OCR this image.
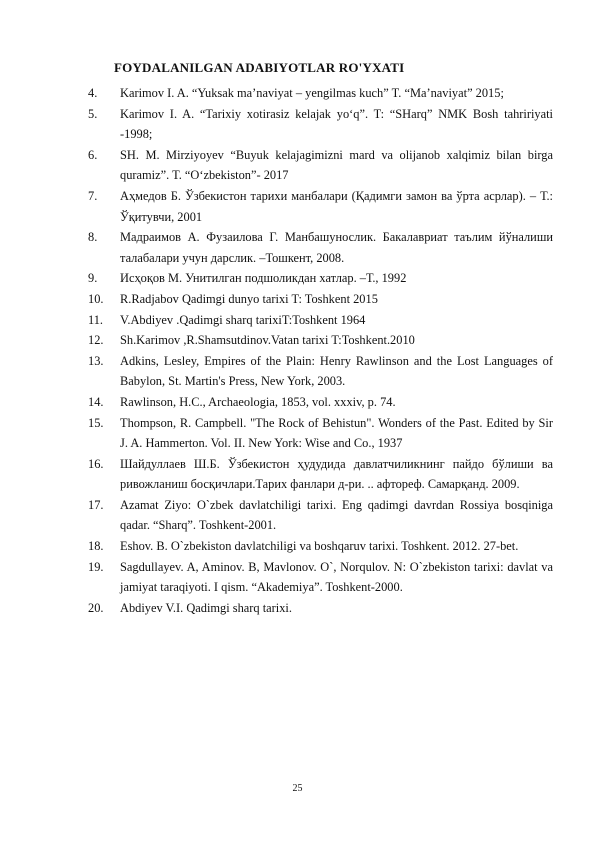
FOYDALANILGAN ADABIYOTLAR RO'YXATI
4. Karimov I. A. “Yuksak ma’naviyat – yengilmas kuch” T. “Ma’naviyat” 2015;
5. Karimov I. A. “Tarixiy xotirasiz kelajak yo‘q”. T: “SHarq” NMK Bosh tahririyati -1998;
6. SH. M. Mirziyoyev “Buyuk kelajagimizni mard va olijanob xalqimiz bilan birga quramiz”. T. “O‘zbekiston”- 2017
7. Аҳмедов Б. Ўзбекистон тарихи манбалари (Қадимги замон ва ўрта асрлар). – Т.: Ўқитувчи, 2001
8. Мадраимов А. Фузаилова Г. Манбашунослик. Бакалавриат таълим йўналиши талабалари учун дарслик. –Тошкент, 2008.
9. Исҳоқов М. Унитилган подшоликдан хатлар. –Т., 1992
10. R.Radjabov Qadimgi dunyo tarixi T: Toshkent 2015
11. V.Abdiyev .Qadimgi sharq tarixiT:Toshkent 1964
12. Sh.Karimov ,R.Shamsutdinov.Vatan tarixi T:Toshkent.2010
13. Adkins, Lesley, Empires of the Plain: Henry Rawlinson and the Lost Languages of Babylon, St. Martin's Press, New York, 2003.
14. Rawlinson, H.C., Archaeologia, 1853, vol. xxxiv, p. 74.
15. Thompson, R. Campbell. "The Rock of Behistun". Wonders of the Past. Edited by Sir J. A. Hammerton. Vol. II. New York: Wise and Co., 1937
16. Шайдуллаев Ш.Б. Ўзбекистон ҳудудида давлатчиликнинг пайдо бўлиши ва ривожланиш босқичлари.Тарих фанлари д-ри. .. афтореф. Самарқанд. 2009.
17. Azamat Ziyo: O`zbek davlatchiligi tarixi. Eng qadimgi davrdan Rossiya bosqiniga qadar. “Sharq”. Toshkent-2001.
18. Eshov. B. O`zbekiston davlatchiligi va boshqaruv tarixi. Toshkent. 2012. 27-bet.
19. Sagdullayev. A, Aminov. B, Mavlonov. O`, Norqulov. N: O`zbekiston tarixi: davlat va jamiyat taraqiyoti. I qism. “Akademiya”. Toshkent-2000.
20. Abdiyev V.I. Qadimgi sharq tarixi.
25
